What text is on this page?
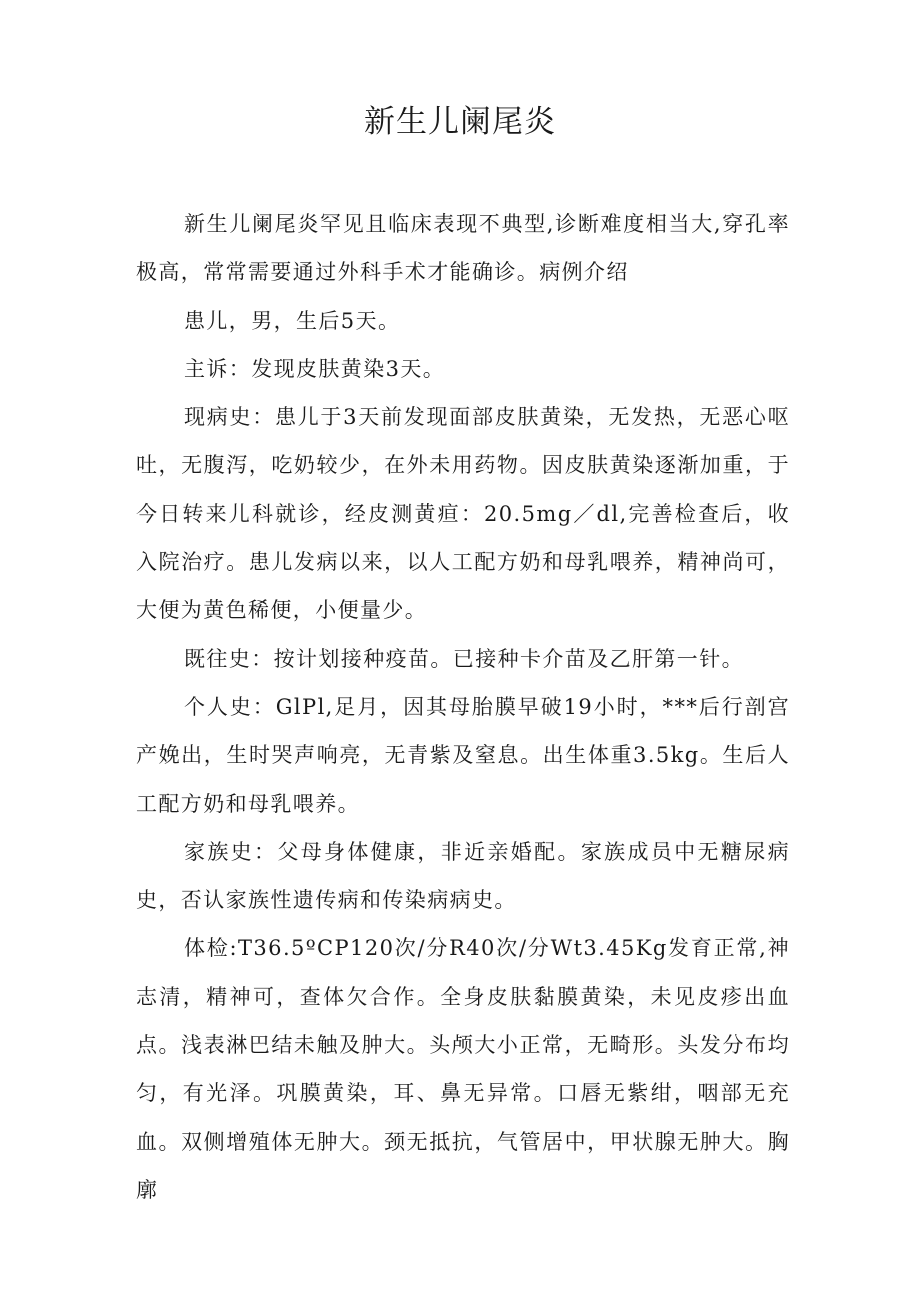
新生儿阑尾炎

新生儿阑尾炎罕见且临床表现不典型,诊断难度相当大,穿孔率极高，常常需要通过外科手术才能确诊。病例介绍

患儿，男，生后5天。

主诉：发现皮肤黄染3天。

现病史：患儿于3天前发现面部皮肤黄染，无发热，无恶心呕吐，无腹泻，吃奶较少，在外未用药物。因皮肤黄染逐渐加重，于今日转来儿科就诊，经皮测黄疸：20.5mg／dl,完善检查后，收入院治疗。患儿发病以来，以人工配方奶和母乳喂养，精神尚可，大便为黄色稀便，小便量少。

既往史：按计划接种疫苗。已接种卡介苗及乙肝第一针。

个人史：GlPl,足月，因其母胎膜早破19小时，***后行剖宫产娩出，生时哭声响亮，无青紫及窒息。出生体重3.5kg。生后人工配方奶和母乳喂养。

家族史：父母身体健康，非近亲婚配。家族成员中无糖尿病史，否认家族性遗传病和传染病病史。

体检:T36.5ºCP120次/分R40次/分Wt3.45Kg发育正常,神志清，精神可，查体欠合作。全身皮肤黏膜黄染，未见皮疹出血点。浅表淋巴结未触及肿大。头颅大小正常，无畸形。头发分布均匀，有光泽。巩膜黄染，耳、鼻无异常。口唇无紫绀，咽部无充血。双侧增殖体无肿大。颈无抵抗，气管居中，甲状腺无肿大。胸廓
